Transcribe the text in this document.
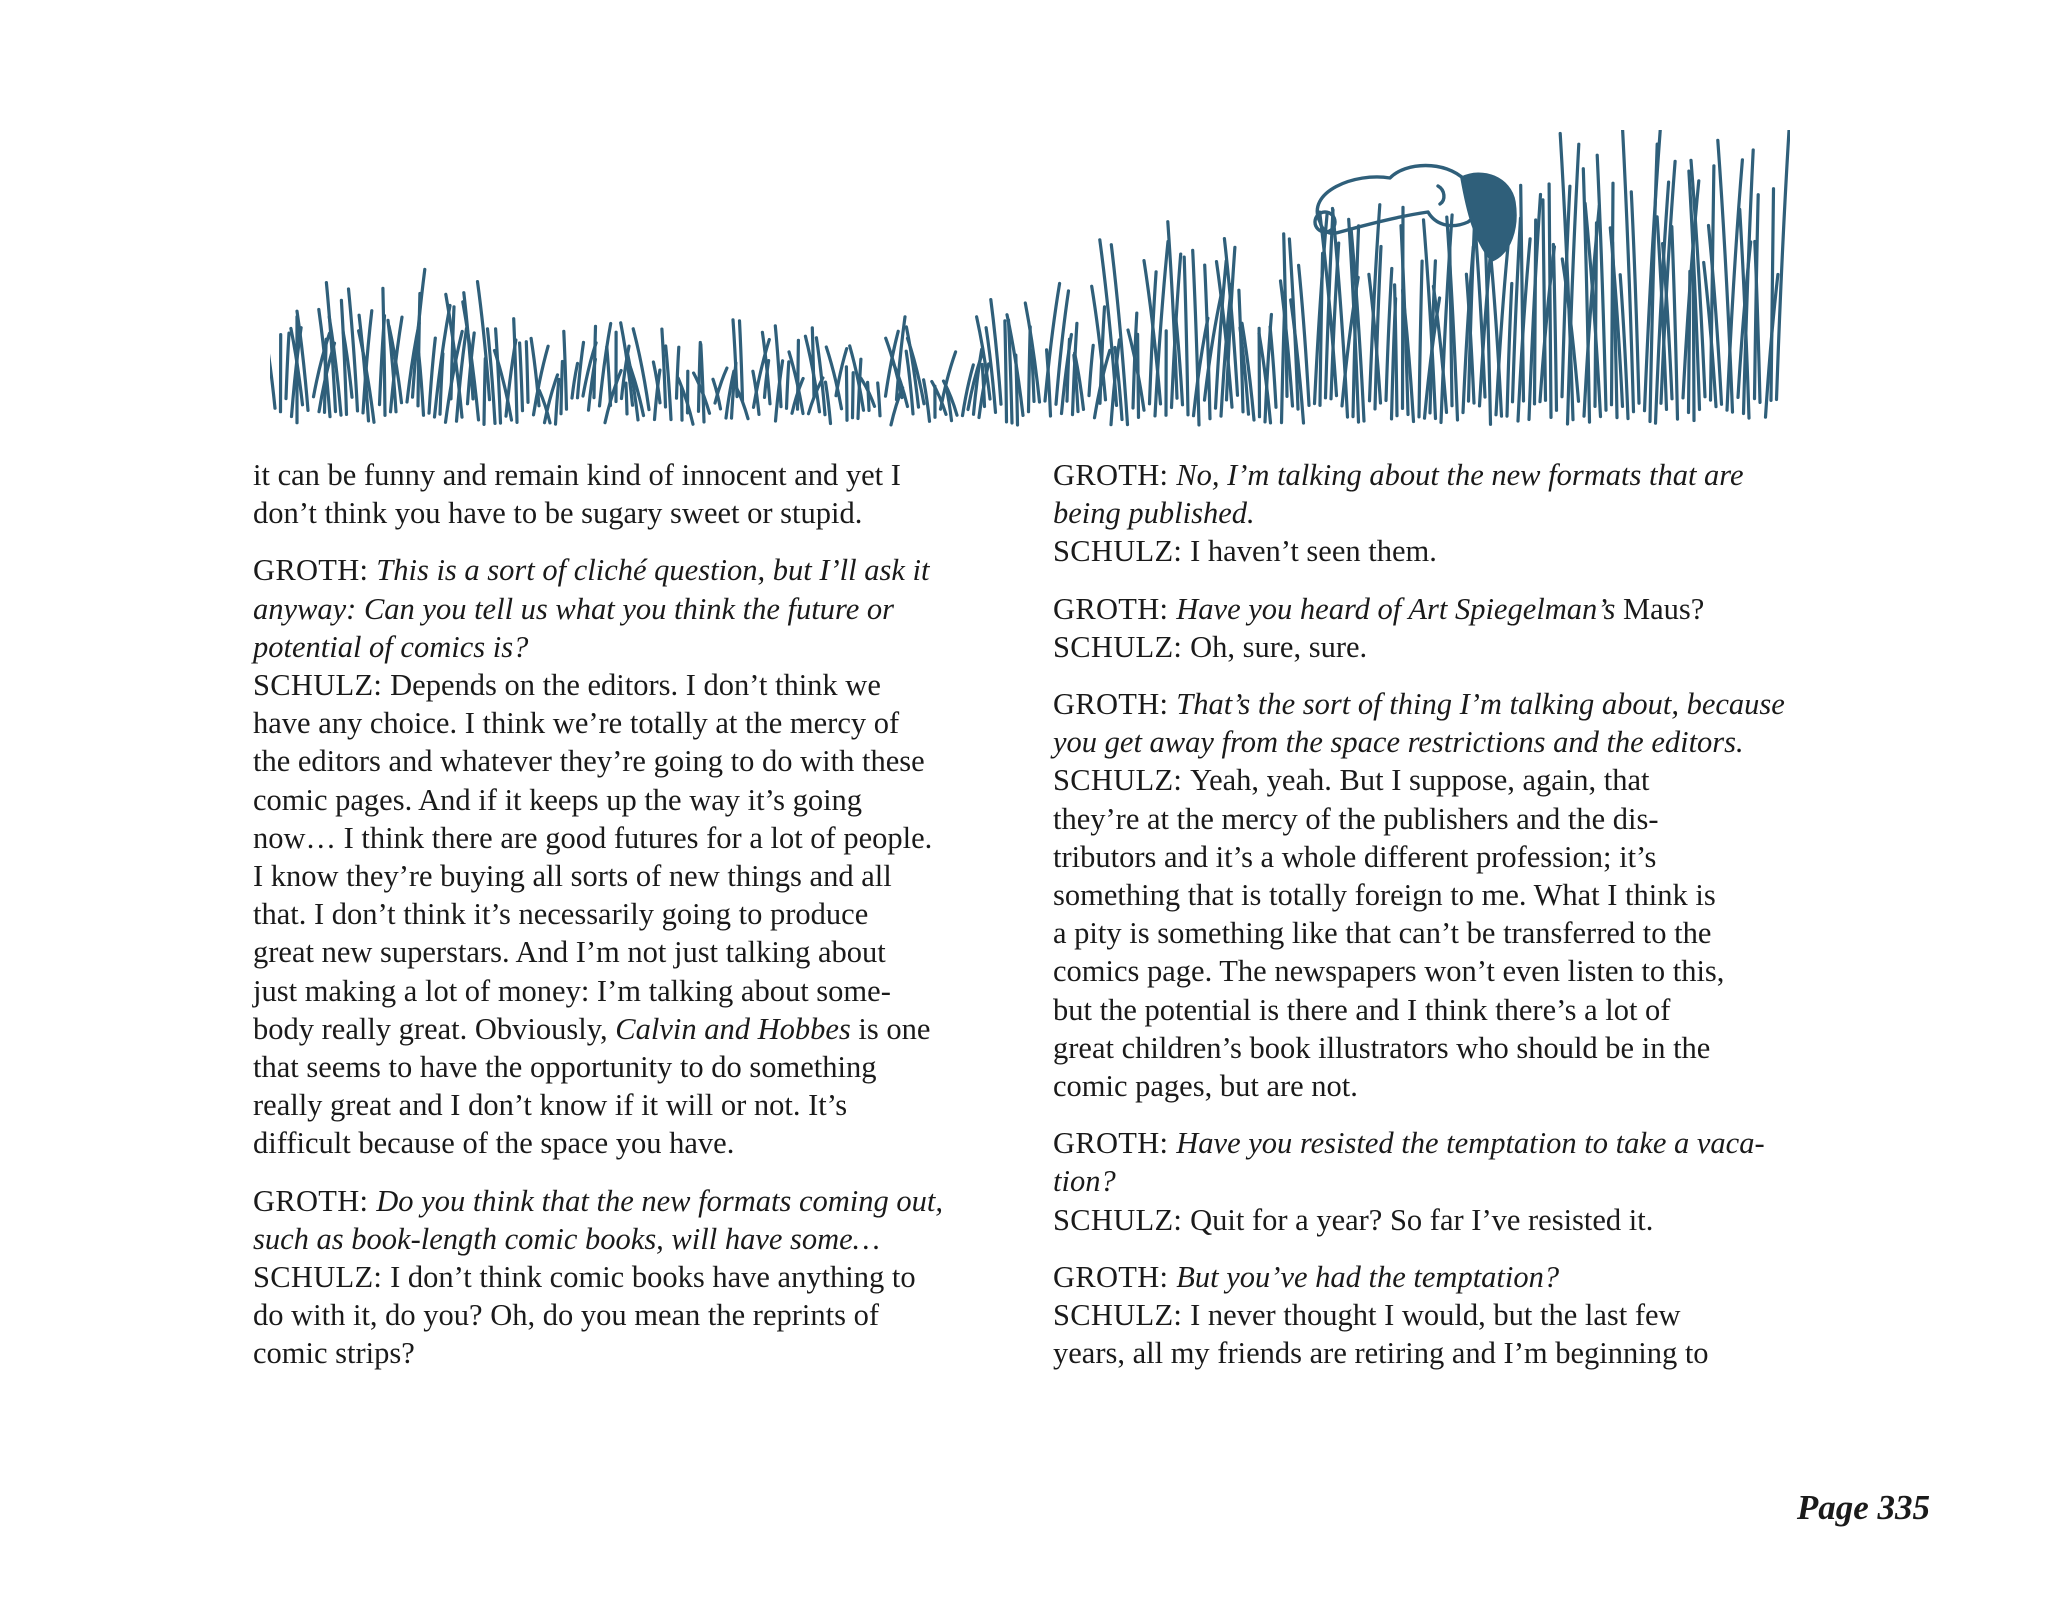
it can be funny and remain kind of innocent and yet I
don’t think you have to be sugary sweet or stupid.
GROTH: This is a sort of cliché question, but I’ll ask it
anyway: Can you tell us what you think the future or
potential of comics is?
SCHULZ: Depends on the editors. I don’t think we
have any choice. I think we’re totally at the mercy of
the editors and whatever they’re going to do with these
comic pages. And if it keeps up the way it’s going
now… I think there are good futures for a lot of people.
I know they’re buying all sorts of new things and all
that. I don’t think it’s necessarily going to produce
great new superstars. And I’m not just talking about
just making a lot of money: I’m talking about some-
body really great. Obviously, Calvin and Hobbes is one
that seems to have the opportunity to do something
really great and I don’t know if it will or not. It’s
difficult because of the space you have.
GROTH: Do you think that the new formats coming out,
such as book-length comic books, will have some…
SCHULZ: I don’t think comic books have anything to
do with it, do you? Oh, do you mean the reprints of
comic strips?
GROTH: No, I’m talking about the new formats that are
being published.
SCHULZ: I haven’t seen them.
GROTH: Have you heard of Art Spiegelman’s Maus?
SCHULZ: Oh, sure, sure.
GROTH: That’s the sort of thing I’m talking about, because
you get away from the space restrictions and the editors.
SCHULZ: Yeah, yeah. But I suppose, again, that
they’re at the mercy of the publishers and the dis-
tributors and it’s a whole different profession; it’s
something that is totally foreign to me. What I think is
a pity is something like that can’t be transferred to the
comics page. The newspapers won’t even listen to this,
but the potential is there and I think there’s a lot of
great children’s book illustrators who should be in the
comic pages, but are not.
GROTH: Have you resisted the temptation to take a vaca-
tion?
SCHULZ: Quit for a year? So far I’ve resisted it.
GROTH: But you’ve had the temptation?
SCHULZ: I never thought I would, but the last few
years, all my friends are retiring and I’m beginning to
Page 335
